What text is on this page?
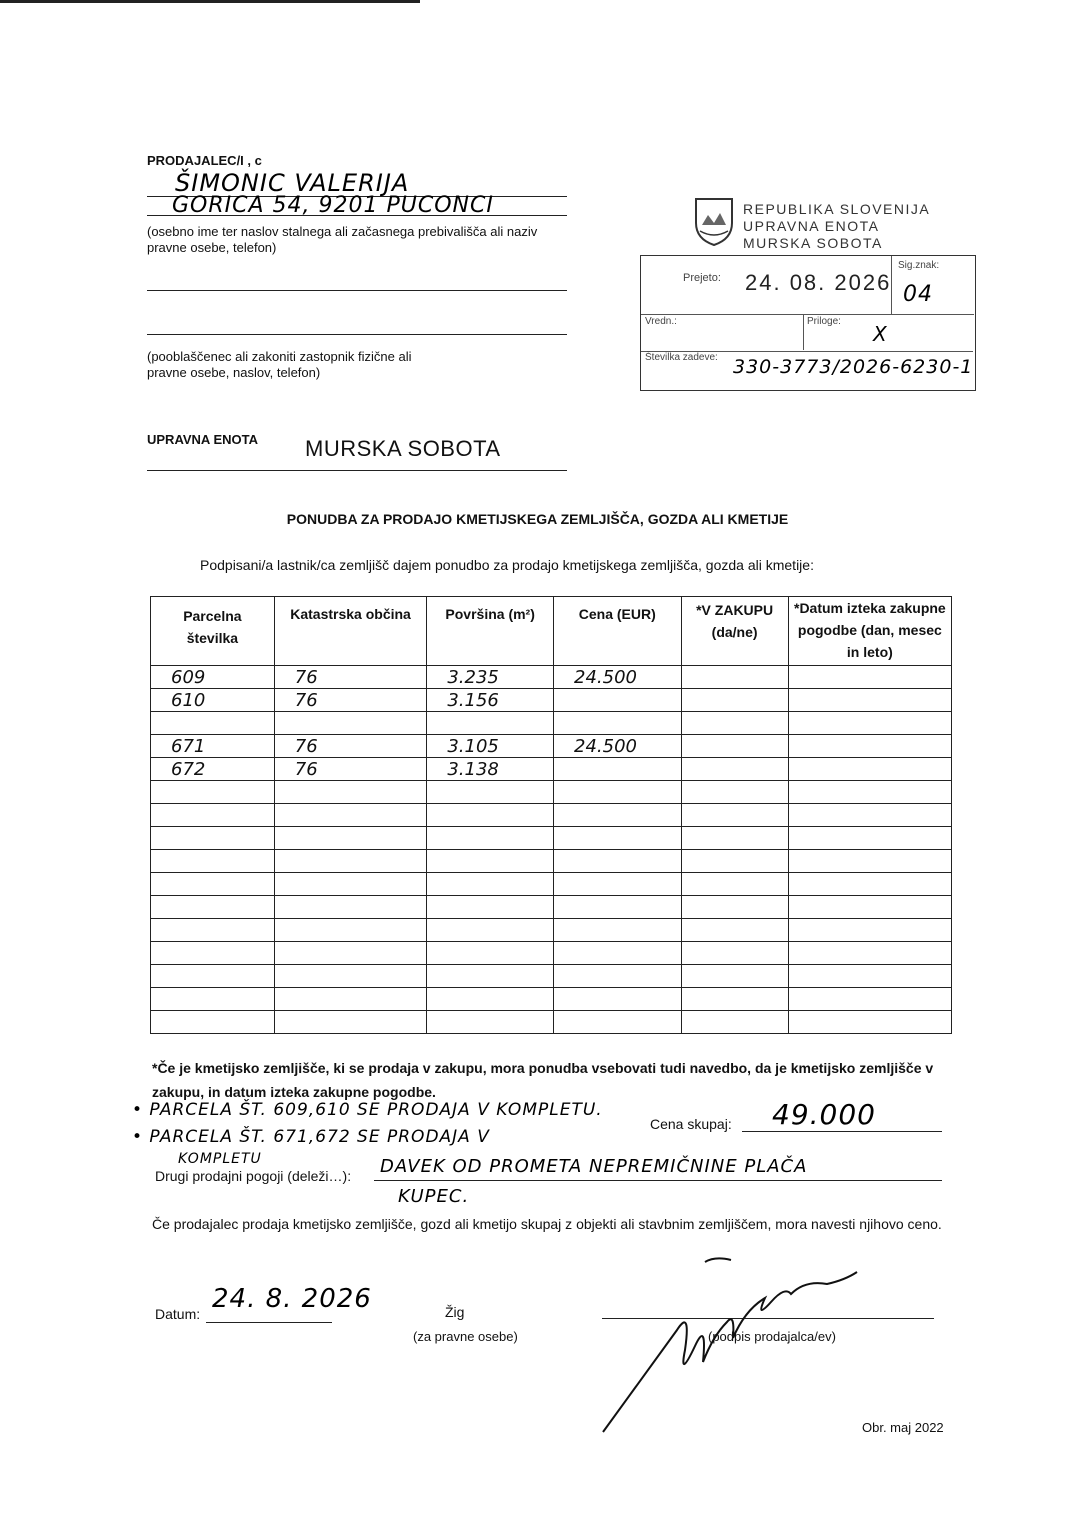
PRODAJALEC/I , c
ŠIMONIC VALERIJA
GORICA 54, 9201 PUCONCI
(osebno ime ter naslov stalnega ali začasnega prebivališča ali naziv pravne osebe, telefon)
(pooblaščenec ali zakoniti zastopnik fizične ali pravne osebe, naslov, telefon)
REPUBLIKA SLOVENIJA
UPRAVNA ENOTA
MURSKA SOBOTA
Prejeto: 24. 08. 2026
Sig.znak:
04
Vredn.:	Priloge:
X
Številka zadeve: 330-3773/2026-6230-1
UPRAVNA ENOTA MURSKA SOBOTA
PONUDBA ZA PRODAJO KMETIJSKEGA ZEMLJIŠČA, GOZDA ALI KMETIJE
Podpisani/a lastnik/ca zemljišč dajem ponudbo za prodajo kmetijskega zemljišča, gozda ali kmetije:
Parcelna številka	Katastrska občina	Površina (m²)	Cena (EUR)	*V ZAKUPU (da/ne)	*Datum izteka zakupne pogodbe (dan, mesec in leto)

609	76	3.235	24.500		
610	76	3.156			

671	76	3.105	24.500		
672	76	3.138			

*Če je kmetijsko zemljišče, ki se prodaja v zakupu, mora ponudba vsebovati tudi navedbo, da je kmetijsko zemljišče v zakupu, in datum izteka zakupne pogodbe.
• PARCELA ŠT. 609,610 SE PRODAJA V KOMPLETU.
• PARCELA ŠT. 671,672 SE PRODAJA V
KOMPLETU
Cena skupaj: 49.000
Drugi prodajni pogoji (deleži…): DAVEK OD PROMETA NEPREMIČNINE PLAČA
KUPEC.
Če prodajalec prodaja kmetijsko zemljišče, gozd ali kmetijo skupaj z objekti ali stavbnim zemljiščem, mora navesti njihovo ceno.
Datum: 24. 8. 2026	Žig
(za pravne osebe)	(podpis prodajalca/ev)
Obr. maj 2022
